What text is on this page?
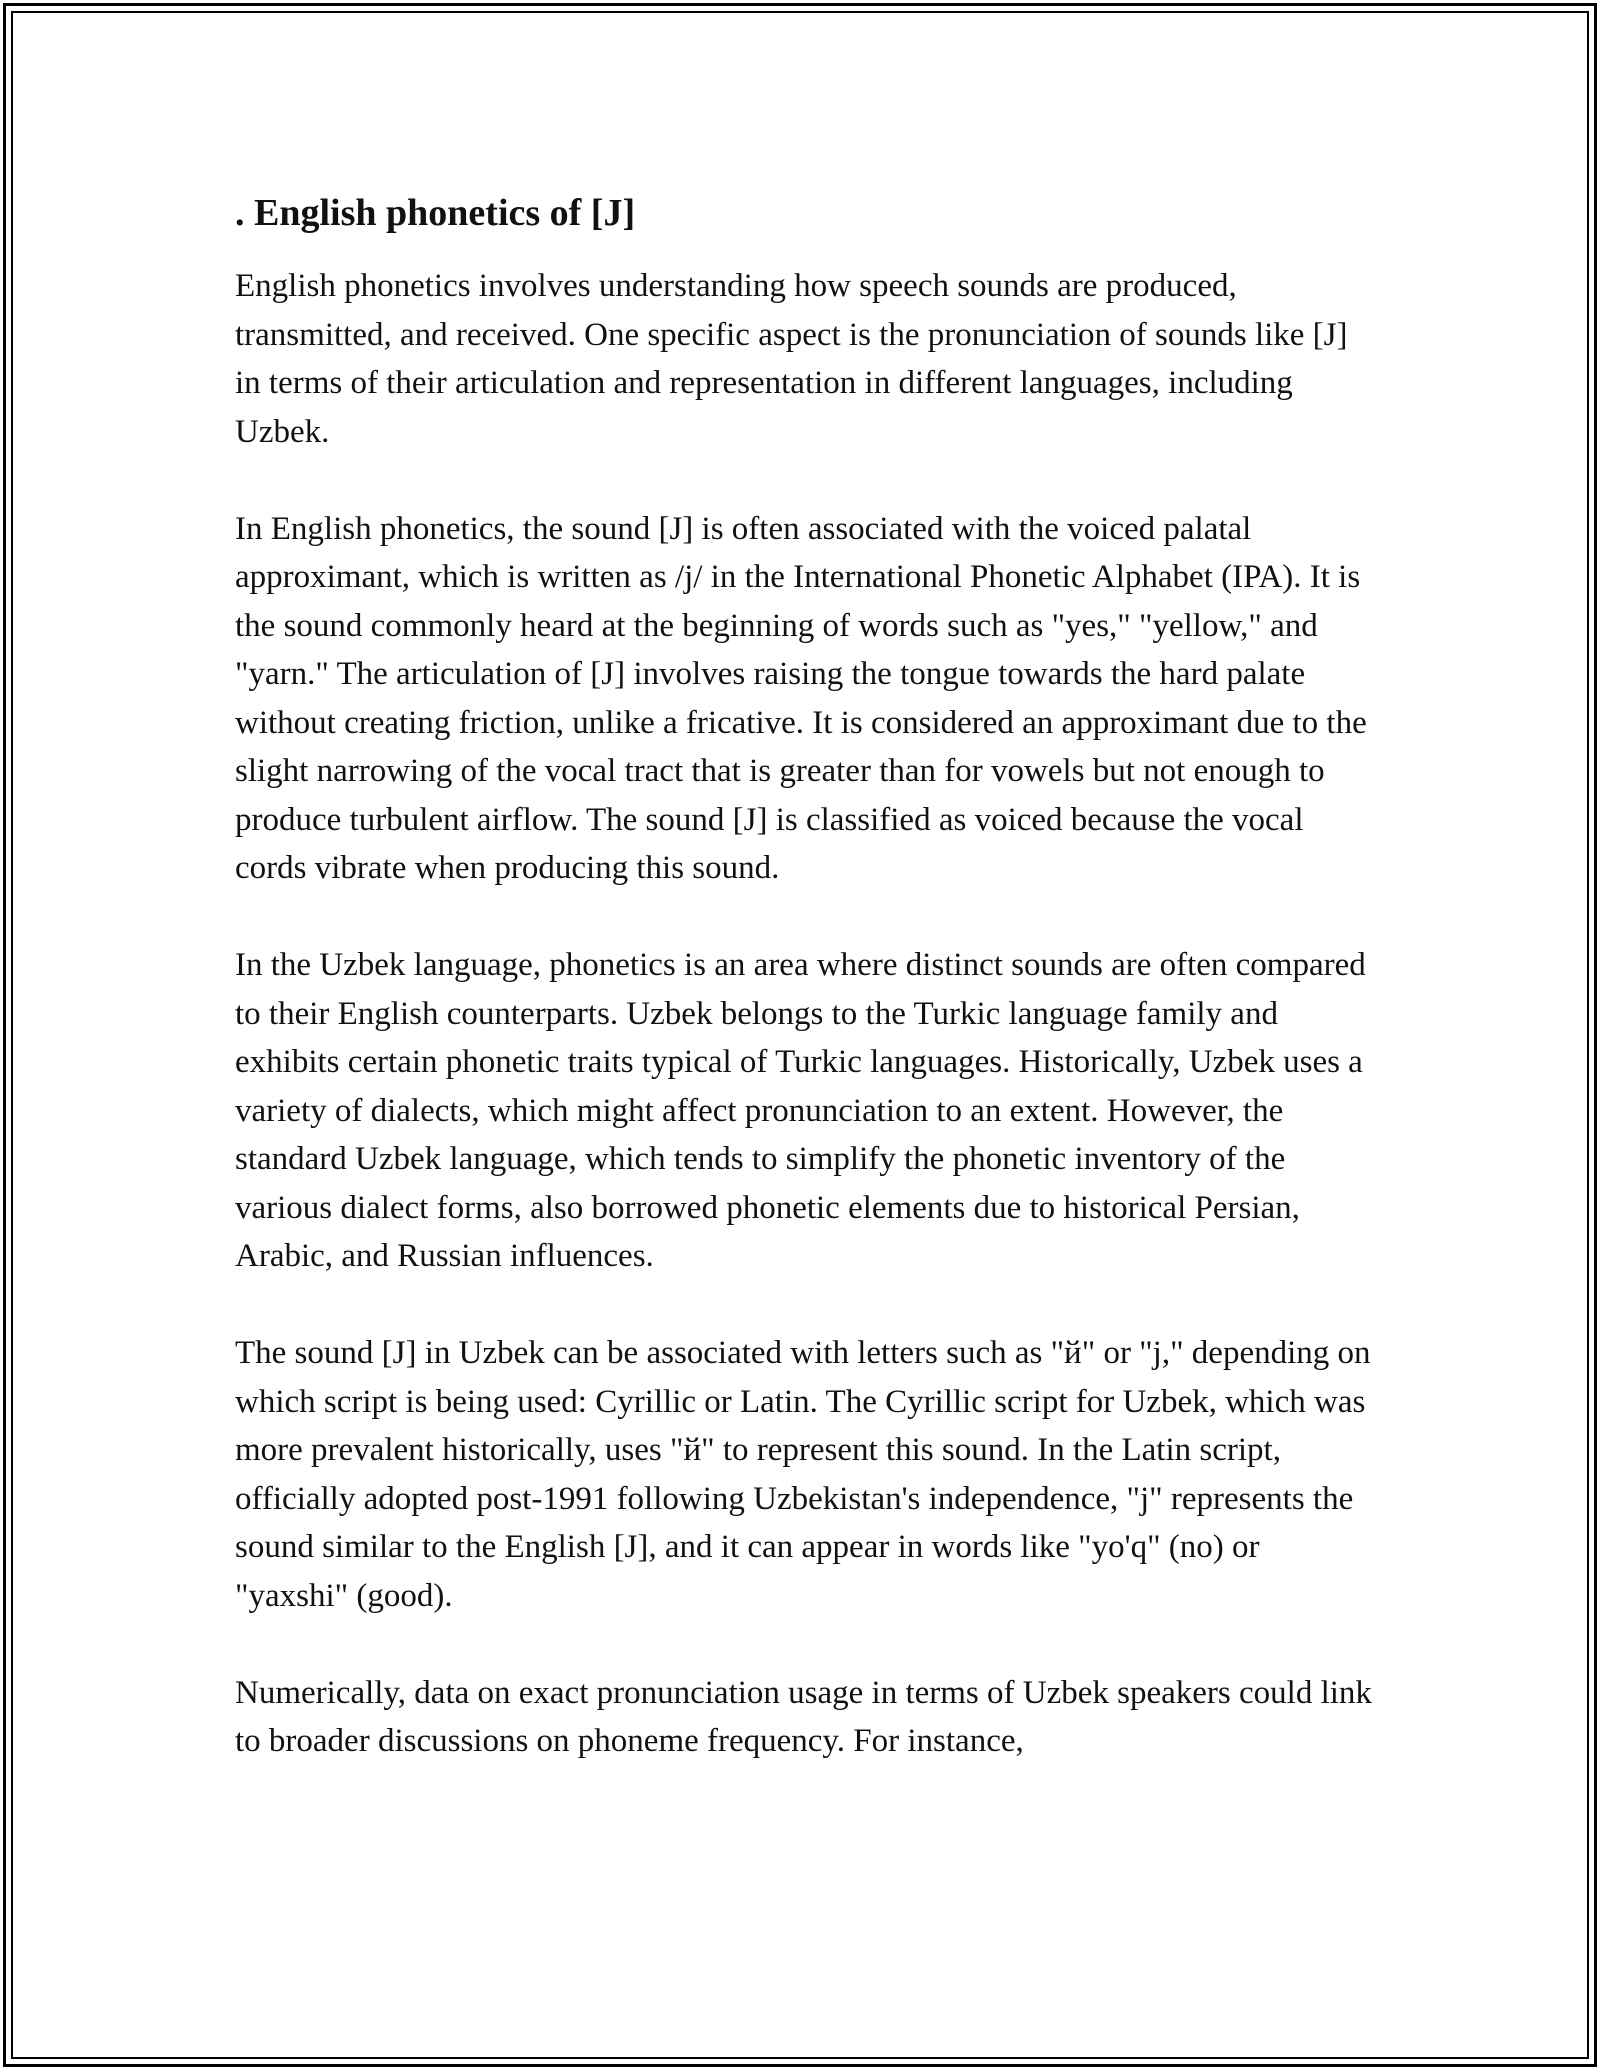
. English phonetics of [J]

English phonetics involves understanding how speech sounds are produced, transmitted, and received. One specific aspect is the pronunciation of sounds like [J] in terms of their articulation and representation in different languages, including Uzbek.

In English phonetics, the sound [J] is often associated with the voiced palatal approximant, which is written as /j/ in the International Phonetic Alphabet (IPA). It is the sound commonly heard at the beginning of words such as "yes," "yellow," and "yarn." The articulation of [J] involves raising the tongue towards the hard palate without creating friction, unlike a fricative. It is considered an approximant due to the slight narrowing of the vocal tract that is greater than for vowels but not enough to produce turbulent airflow. The sound [J] is classified as voiced because the vocal cords vibrate when producing this sound.

In the Uzbek language, phonetics is an area where distinct sounds are often compared to their English counterparts. Uzbek belongs to the Turkic language family and exhibits certain phonetic traits typical of Turkic languages. Historically, Uzbek uses a variety of dialects, which might affect pronunciation to an extent. However, the standard Uzbek language, which tends to simplify the phonetic inventory of the various dialect forms, also borrowed phonetic elements due to historical Persian, Arabic, and Russian influences.

The sound [J] in Uzbek can be associated with letters such as "й" or "j," depending on which script is being used: Cyrillic or Latin. The Cyrillic script for Uzbek, which was more prevalent historically, uses "й" to represent this sound. In the Latin script, officially adopted post-1991 following Uzbekistan's independence, "j" represents the sound similar to the English [J], and it can appear in words like "yo'q" (no) or "yaxshi" (good).

Numerically, data on exact pronunciation usage in terms of Uzbek speakers could link to broader discussions on phoneme frequency. For instance,
